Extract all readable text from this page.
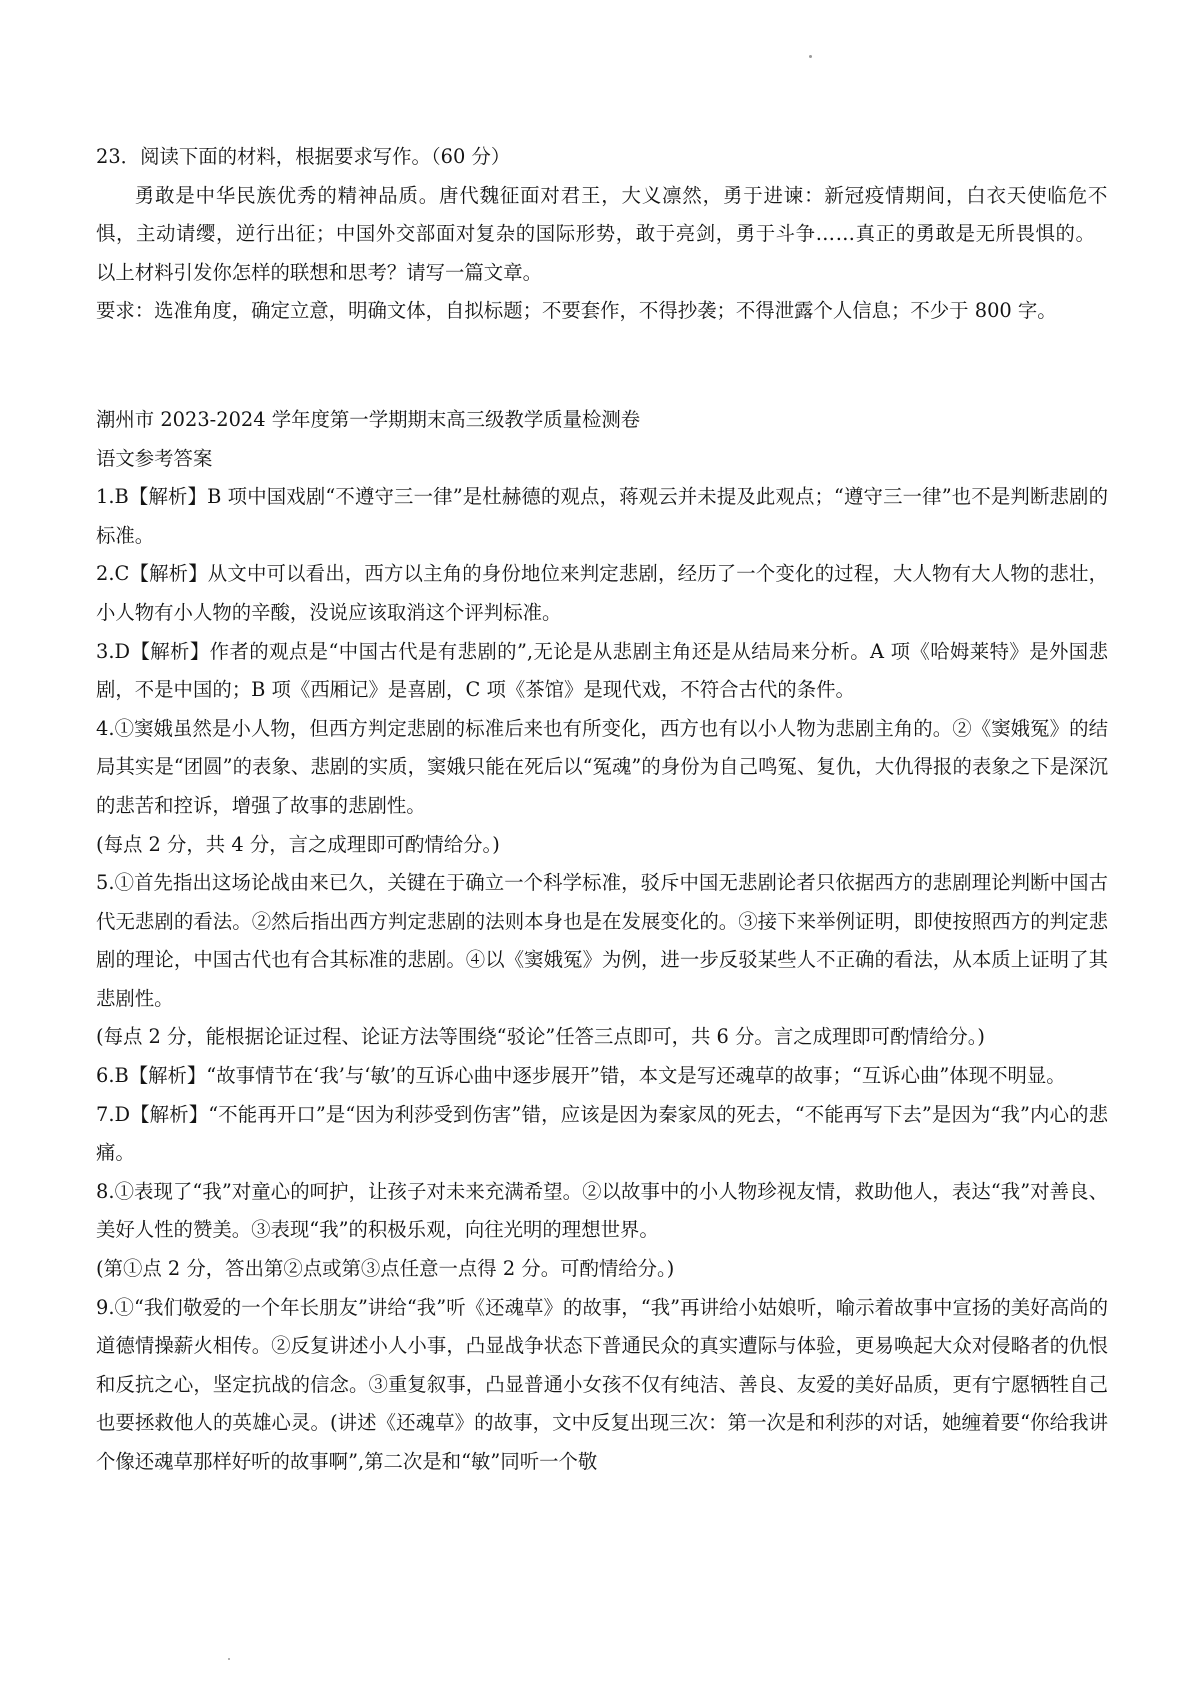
23．阅读下面的材料，根据要求写作。（60 分）

勇敢是中华民族优秀的精神品质。唐代魏征面对君王，大义凛然，勇于进谏：新冠疫情期间，白衣天使临危不惧，主动请缨，逆行出征；中国外交部面对复杂的国际形势，敢于亮剑，勇于斗争……真正的勇敢是无所畏惧的。

以上材料引发你怎样的联想和思考？请写一篇文章。

要求：选准角度，确定立意，明确文体，自拟标题；不要套作，不得抄袭；不得泄露个人信息；不少于 800 字。

潮州市 2023-2024 学年度第一学期期末高三级教学质量检测卷

语文参考答案

1.B【解析】B 项中国戏剧“不遵守三一律”是杜赫德的观点，蒋观云并未提及此观点；“遵守三一律”也不是判断悲剧的标准。

2.C【解析】从文中可以看出，西方以主角的身份地位来判定悲剧，经历了一个变化的过程，大人物有大人物的悲壮，小人物有小人物的辛酸，没说应该取消这个评判标准。

3.D【解析】作者的观点是“中国古代是有悲剧的”,无论是从悲剧主角还是从结局来分析。A 项《哈姆莱特》是外国悲剧，不是中国的；B 项《西厢记》是喜剧，C 项《茶馆》是现代戏，不符合古代的条件。

4.①窦娥虽然是小人物，但西方判定悲剧的标准后来也有所变化，西方也有以小人物为悲剧主角的。②《窦娥冤》的结局其实是“团圆”的表象、悲剧的实质，窦娥只能在死后以“冤魂”的身份为自己鸣冤、复仇，大仇得报的表象之下是深沉的悲苦和控诉，增强了故事的悲剧性。

(每点 2 分，共 4 分，言之成理即可酌情给分。)

5.①首先指出这场论战由来已久，关键在于确立一个科学标准，驳斥中国无悲剧论者只依据西方的悲剧理论判断中国古代无悲剧的看法。②然后指出西方判定悲剧的法则本身也是在发展变化的。③接下来举例证明，即使按照西方的判定悲剧的理论，中国古代也有合其标准的悲剧。④以《窦娥冤》为例，进一步反驳某些人不正确的看法，从本质上证明了其悲剧性。

(每点 2 分，能根据论证过程、论证方法等围绕“驳论”任答三点即可，共 6 分。言之成理即可酌情给分。)

6.B【解析】“故事情节在‘我’与‘敏’的互诉心曲中逐步展开”错，本文是写还魂草的故事；“互诉心曲”体现不明显。

7.D【解析】“不能再开口”是“因为利莎受到伤害”错，应该是因为秦家凤的死去，“不能再写下去”是因为“我”内心的悲痛。

8.①表现了“我”对童心的呵护，让孩子对未来充满希望。②以故事中的小人物珍视友情，救助他人，表达“我”对善良、美好人性的赞美。③表现“我”的积极乐观，向往光明的理想世界。

(第①点 2 分，答出第②点或第③点任意一点得 2 分。可酌情给分。)

9.①“我们敬爱的一个年长朋友”讲给“我”听《还魂草》的故事，“我”再讲给小姑娘听，喻示着故事中宣扬的美好高尚的道德情操薪火相传。②反复讲述小人小事，凸显战争状态下普通民众的真实遭际与体验，更易唤起大众对侵略者的仇恨和反抗之心，坚定抗战的信念。③重复叙事，凸显普通小女孩不仅有纯洁、善良、友爱的美好品质，更有宁愿牺牲自己也要拯救他人的英雄心灵。(讲述《还魂草》的故事，文中反复出现三次：第一次是和利莎的对话，她缠着要“你给我讲个像还魂草那样好听的故事啊”,第二次是和“敏”同听一个敬
